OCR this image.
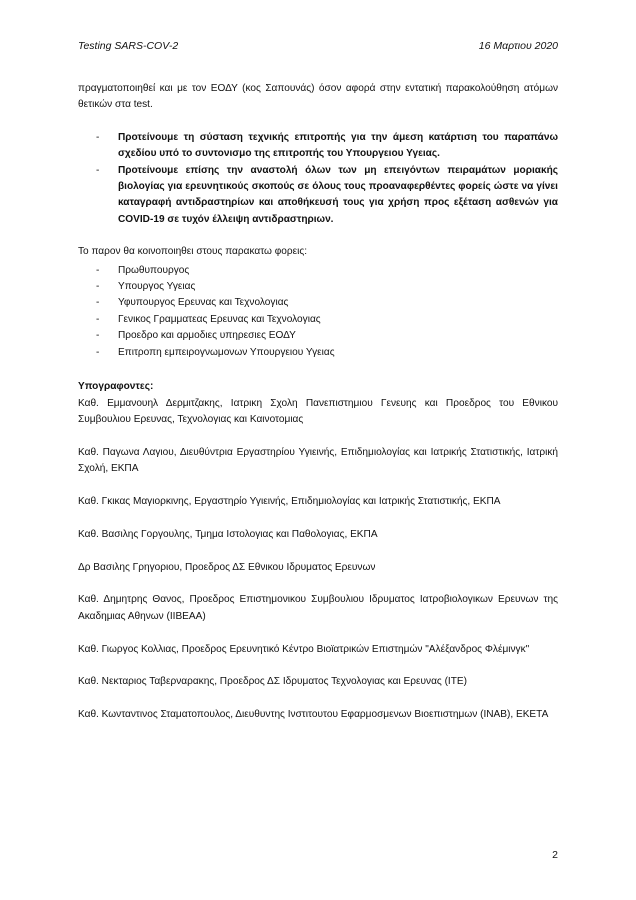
Testing SARS-COV-2	16 Μαρτιου 2020

πραγματοποιηθεί και με τον ΕΟΔΥ (κος Σαπουνάς) όσον αφορά στην εντατική παρακολούθηση ατόμων θετικών στα test.

- Προτείνουμε τη σύσταση τεχνικής επιτροπής για την άμεση κατάρτιση του παραπάνω σχεδίου υπό το συντονισμο της επιτροπής του Υπουργειου Υγειας.
- Προτείνουμε επίσης την αναστολή όλων των μη επειγόντων πειραμάτων μοριακής βιολογίας για ερευνητικούς σκοπούς σε όλους τους προαναφερθέντες φορείς ώστε να γίνει καταγραφή αντιδραστηρίων και αποθήκευσή τους για χρήση προς εξέταση ασθενών για COVID-19 σε τυχόν έλλειψη αντιδραστηριων.

Το παρον θα κοινοποιηθει στους παρακατω φορεις:

- Πρωθυπουργος
- Υπουργος Υγειας
- Υφυπουργος Ερευνας και Τεχνολογιας
- Γενικος Γραμματεας Ερευνας και Τεχνολογιας
- Προεδρο και αρμοδιες υπηρεσιες ΕΟΔΥ
- Επιτροπη εμπειρογνωμονων Υπουργειου Υγειας

Υπογραφοντες:

Καθ. Εμμανουηλ Δερμιτζακης, Ιατρικη Σχολη Πανεπιστημιου Γενευης και Προεδρος του Εθνικου Συμβουλιου Ερευνας, Τεχνολογιας και Καινοτομιας

Καθ. Παγωνα Λαγιου, Διευθύντρια Εργαστηρίου Υγιεινής, Επιδημιολογίας και Ιατρικής Στατιστικής, Ιατρική Σχολή, ΕΚΠΑ

Καθ. Γκικας Μαγιορκινης, Εργαστηρίο Υγιεινής, Επιδημιολογίας και Ιατρικής Στατιστικής, ΕΚΠΑ

Καθ. Βασιλης Γοργουλης, Τμημα Ιστολογιας και Παθολογιας, ΕΚΠΑ

Δρ Βασιλης Γρηγοριου, Προεδρος ΔΣ Εθνικου Ιδρυματος Ερευνων

Καθ. Δημητρης Θανος, Προεδρος Επιστημονικου Συμβουλιου Ιδρυματος Ιατροβιολογικων Ερευνων της Ακαδημιας Αθηνων (ΙΙΒΕΑΑ)

Καθ. Γιωργος Κολλιας, Προεδρος Ερευνητικό Κέντρο Βιοϊατρικών Επιστημών "Αλέξανδρος Φλέμινγκ"

Καθ. Νεκταριος Ταβερναρακης, Προεδρος ΔΣ Ιδρυματος Τεχνολογιας και Ερευνας (ΙΤΕ)

Καθ. Κωνταντινος Σταματοπουλος, Διευθυντης Ινστιτουτου Εφαρμοσμενων Βιοεπιστημων (INAB), ΕΚΕΤΑ

2
